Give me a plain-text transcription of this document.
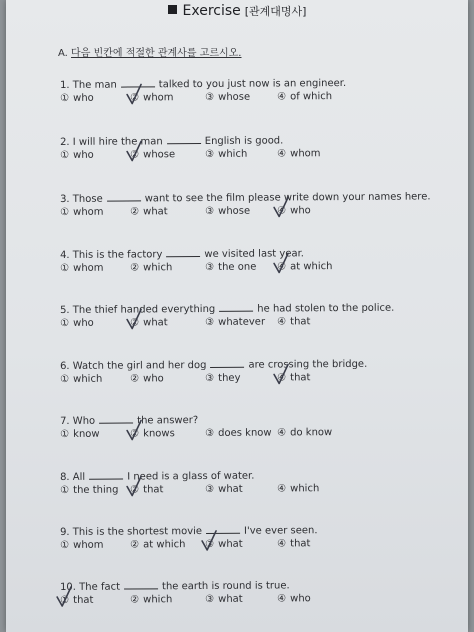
Exercise [관계대명사]
A. 다음 빈칸에 적절한 관계사를 고르시오.
1. The man	talked to you just now is an engineer.
① who	② whom	③ whose	④ of which
2. I will hire the man	English is good.
① who	② whose	③ which	④ whom
3. Those	want to see the film please write down your names here.
① whom	② what	③ whose	④ who
4. This is the factory	we visited last year.
① whom	② which	③ the one ④ at which
5. The thief handed everything	he had stolen to the police.
① who	② what	③ whatever ④ that
6. Watch the girl and her dog	are crossing the bridge.
① which	② who	③ they	④ that
7. Who	the answer?
① know	② knows	③ does know ④ do know
8. All	I need is a glass of water.
① the thing ② that	③ what	④ which
9. This is the shortest movie	I've ever seen.
① whom	② at which ③ what	④ that
10. The fact	the earth is round is true.
① that	② which	③ what	④ who
